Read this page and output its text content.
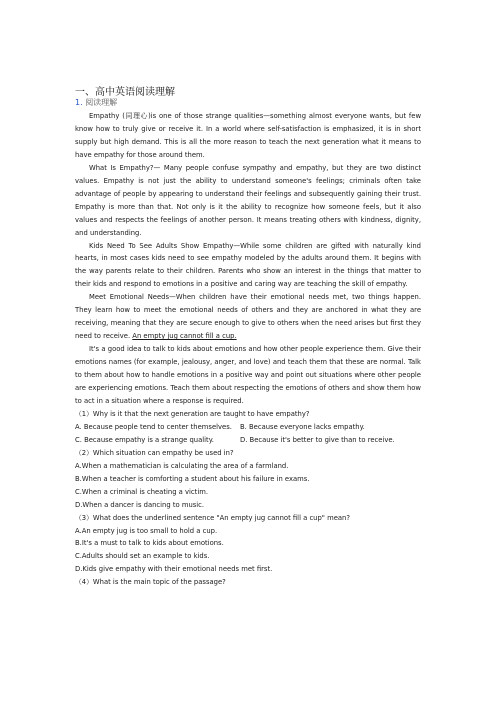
一、高中英语阅读理解
1. 阅读理解

Empathy (同理心)is one of those strange qualities—something almost everyone wants, but few know how to truly give or receive it. In a world where self-satisfaction is emphasized, it is in short supply but high demand. This is all the more reason to teach the next generation what it means to have empathy for those around them.

What Is Empathy?— Many people confuse sympathy and empathy, but they are two distinct values. Empathy is not just the ability to understand someone's feelings; criminals often take advantage of people by appearing to understand their feelings and subsequently gaining their trust. Empathy is more than that. Not only is it the ability to recognize how someone feels, but it also values and respects the feelings of another person. It means treating others with kindness, dignity, and understanding.

Kids Need To See Adults Show Empathy—While some children are gifted with naturally kind hearts, in most cases kids need to see empathy modeled by the adults around them. It begins with the way parents relate to their children. Parents who show an interest in the things that matter to their kids and respond to emotions in a positive and caring way are teaching the skill of empathy.

Meet Emotional Needs—When children have their emotional needs met, two things happen. They learn how to meet the emotional needs of others and they are anchored in what they are receiving, meaning that they are secure enough to give to others when the need arises but first they need to receive. An empty jug cannot fill a cup.

It's a good idea to talk to kids about emotions and how other people experience them. Give their emotions names (for example, jealousy, anger, and love) and teach them that these are normal. Talk to them about how to handle emotions in a positive way and point out situations where other people are experiencing emotions. Teach them about respecting the emotions of others and show them how to act in a situation where a response is required.

（1）Why is it that the next generation are taught to have empathy?

A. Because people tend to center themselves.	B. Because everyone lacks empathy.
C. Because empathy is a strange quality.	D. Because it's better to give than to receive.

（2）Which situation can empathy be used in?

A.When a mathematician is calculating the area of a farmland.

B.When a teacher is comforting a student about his failure in exams.

C.When a criminal is cheating a victim.

D.When a dancer is dancing to music.

（3）What does the underlined sentence "An empty jug cannot fill a cup" mean?

A.An empty jug is too small to hold a cup.

B.It's a must to talk to kids about emotions.

C.Adults should set an example to kids.

D.Kids give empathy with their emotional needs met first.

（4）What is the main topic of the passage?
